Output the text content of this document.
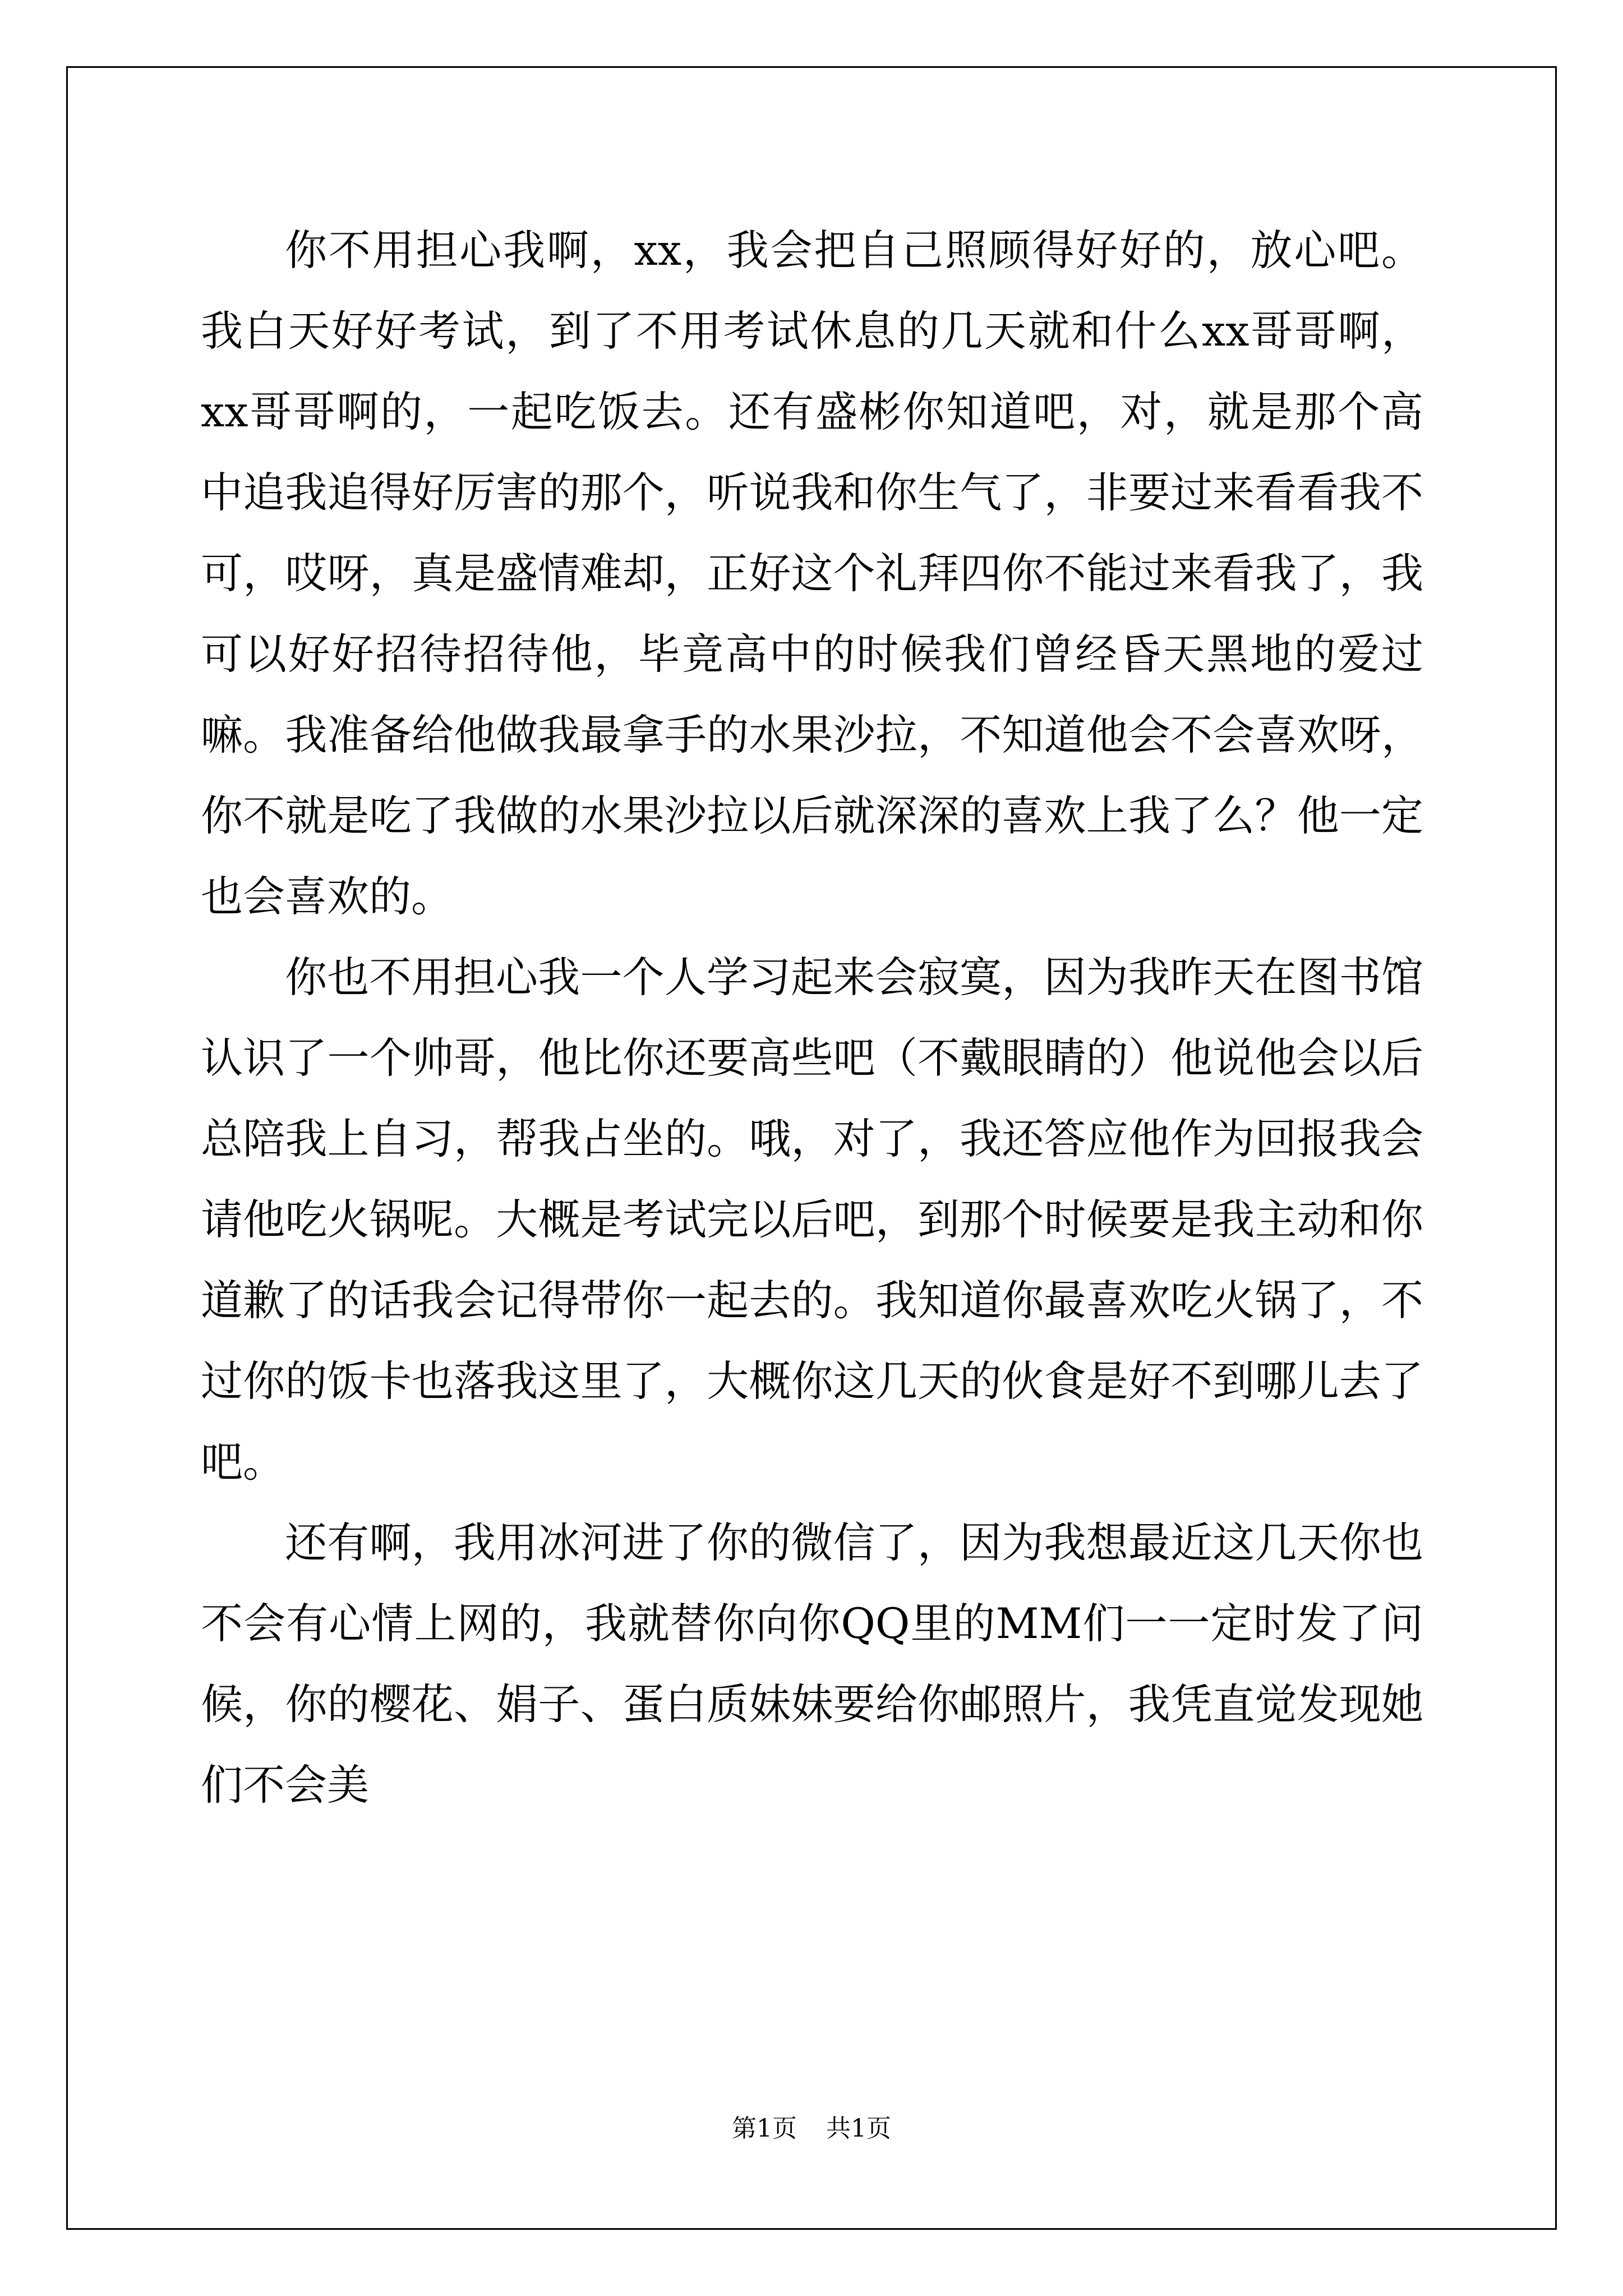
你不用担心我啊，xx，我会把自己照顾得好好的，放心吧。我白天好好考试，到了不用考试休息的几天就和什么xx哥哥啊，xx哥哥啊的，一起吃饭去。还有盛彬你知道吧，对，就是那个高中追我追得好厉害的那个，听说我和你生气了，非要过来看看我不可，哎呀，真是盛情难却，正好这个礼拜四你不能过来看我了，我可以好好招待招待他，毕竟高中的时候我们曾经昏天黑地的爱过嘛。我准备给他做我最拿手的水果沙拉，不知道他会不会喜欢呀，你不就是吃了我做的水果沙拉以后就深深的喜欢上我了么？他一定也会喜欢的。

你也不用担心我一个人学习起来会寂寞，因为我昨天在图书馆认识了一个帅哥，他比你还要高些吧（不戴眼睛的）他说他会以后总陪我上自习，帮我占坐的。哦，对了，我还答应他作为回报我会请他吃火锅呢。大概是考试完以后吧，到那个时候要是我主动和你道歉了的话我会记得带你一起去的。我知道你最喜欢吃火锅了，不过你的饭卡也落我这里了，大概你这几天的伙食是好不到哪儿去了吧。

还有啊，我用冰河进了你的微信了，因为我想最近这几天你也不会有心情上网的，我就替你向你QQ里的MM们一一定时发了问候，你的樱花、娟子、蛋白质妹妹要给你邮照片，我凭直觉发现她们不会美

第1页 共1页
